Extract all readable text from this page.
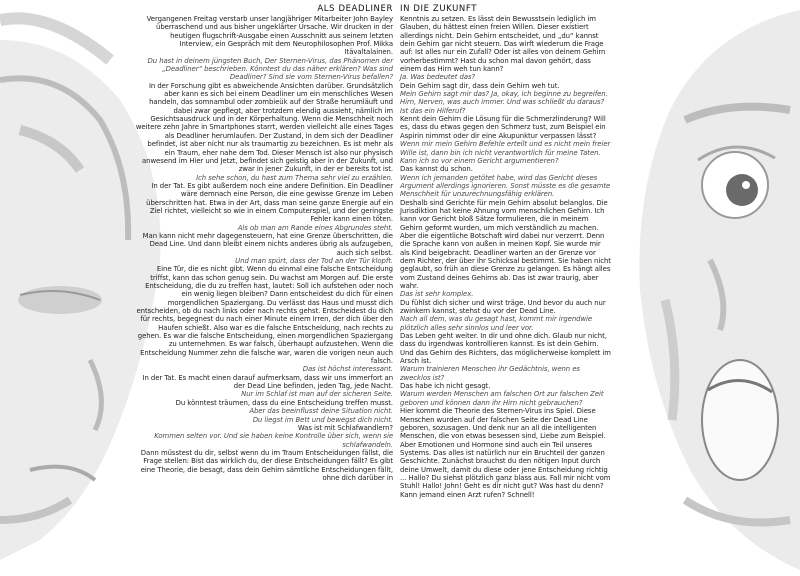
ALS DEADLINER

Vergangenen Freitag verstarb unser langjähriger Mitarbeiter John Bayley überraschend und aus bisher ungeklärter Ursache. Wir drucken in der heutigen flugschrift-Ausgabe einen Ausschnitt aus seinem letzten Interview, ein Gespräch mit dem Neurophilosophen Prof. Mikka Itävaltalainen.

Du hast in deinem jüngsten Buch, Der Sternen-Virus, das Phänomen der „Deadliner“ beschrieben. Könntest du das näher erklären? Was sind Deadliner? Sind sie vom Sternen-Virus befallen?

In der Forschung gibt es abweichende Ansichten darüber. Grundsätzlich aber kann es sich bei einem Deadliner um ein menschliches Wesen handeln, das somnambul oder zombieük auf der Straße herumläuft und dabei zwar gepflegt, aber trotzdem elendig aussieht, nämlich im Gesichtsausdruck und in der Körperhaltung. Wenn die Menschheit noch weitere zehn Jahre in Smartphones starrt, werden vielleicht alle eines Tages als Deadliner herumlaufen. Der Zustand, in dem sich der Deadliner befindet, ist aber nicht nur als traumartig zu bezeichnen. Es ist mehr als ein Traum, eher nahe dem Tod. Dieser Mensch ist also nur physisch anwesend im Hier und Jetzt, befindet sich geistig aber in der Zukunft, und zwar in jener Zukunft, in der er bereits tot ist.

Ich sehe schon, du hast zum Thema sehr viel zu erzählen.

In der Tat. Es gibt außerdem noch eine andere Definition. Ein Deadliner wäre demnach eine Person, die eine gewisse Grenze im Leben überschritten hat. Etwa in der Art, dass man seine ganze Energie auf ein Ziel richtet, vielleicht so wie in einem Computerspiel, und der geringste Fehler kann einen töten.

Als ob man am Rande eines Abgrundes steht.

Man kann nicht mehr dagegensteuern, hat eine Grenze überschritten, die Dead Line. Und dann bleibt einem nichts anderes übrig als aufzugeben, auch sich selbst.

Und man spürt, dass der Tod an der Tür klopft.

Eine Tür, die es nicht gibt. Wenn du einmal eine falsche Entscheidung triffst, kann das schon genug sein. Du wachst am Morgen auf. Die erste Entscheidung, die du zu treffen hast, lautet: Soll ich aufstehen oder noch ein wenig liegen bleiben? Dann entscheidest du dich für einen morgendlichen Spaziergang. Du verlässt das Haus und musst dich entscheiden, ob du nach links oder nach rechts gehst. Entscheidest du dich für rechts, begegnest du nach einer Minute einem Irren, der dich über den Haufen schießt. Also war es die falsche Entscheidung, nach rechts zu gehen. Es war die falsche Entscheidung, einen morgendlichen Spaziergang zu unternehmen. Es war falsch, überhaupt aufzustehen. Wenn die Entscheidung Nummer zehn die falsche war, waren die vorigen neun auch falsch.

Das ist höchst interessant.

In der Tat. Es macht einen darauf aufmerksam, dass wir uns immerfort an der Dead Line befinden, jeden Tag, jede Nacht.

Nur im Schlaf ist man auf der sicheren Seite.

Du könntest träumen, dass du eine Entscheidung treffen musst.

Aber das beeinflusst deine Situation nicht.

Du liegst im Bett und bewegst dich nicht.

Was ist mit Schlafwandlern?

Kommen selten vor. Und sie haben keine Kontrolle über sich, wenn sie schlafwandeln.

Dann müsstest du dir, selbst wenn du im Traum Entscheidungen fällst, die Frage stellen: Bist das wirklich du, der diese Entscheidungen fällt? Es gibt eine Theorie, die besagt, dass dein Gehirn sämtliche Entscheidungen fällt, ohne dich darüber in

IN DIE ZUKUNFT

Kenntnis zu setzen. Es lässt dein Bewusstsein lediglich im Glauben, du hättest einen freien Willen. Dieser existiert allerdings nicht. Dein Gehirn entscheidet, und „du“ kannst dein Gehirn gar nicht steuern. Das wirft wiederum die Frage auf: Ist alles nur ein Zufall? Oder ist alles von deinem Gehirn vorherbestimmt? Hast du schon mal davon gehört, dass einem das Hirn weh tun kann?

Ja. Was bedeutet das?

Dein Gehirn sagt dir, dass dein Gehirn weh tut.

Mein Gehirn sagt mir das? Ja, okay, ich beginne zu begreifen. Hirn, Nerven, was auch immer. Und was schließt du daraus? Ist das ein Hilferuf?

Kennt dein Gehirn die Lösung für die Schmerzlinderung? Will es, dass du etwas gegen den Schmerz tust, zum Beispiel ein Aspirin nimmst oder dir eine Akupunktur verpassen lässt?

Wenn mir mein Gehirn Befehle erteilt und es nicht mein freier Wille ist, dann bin ich nicht verantwortlich für meine Taten. Kann ich so vor einem Gericht argumentieren?

Das kannst du schon.

Wenn ich jemanden getötet habe, wird das Gericht dieses Argument allerdings ignorieren. Sonst müsste es die gesamte Menschheit für unzurechnungsfähig erklären.

Deshalb sind Gerichte für mein Gehirn absolut belanglos. Die Jurisdiktion hat keine Ahnung vom menschlichen Gehirn. Ich kann vor Gericht bloß Sätze formulieren, die in meinem Gehirn geformt wurden, um mich verständlich zu machen. Aber die eigentliche Botschaft wird dabei nur verzerrt. Denn die Sprache kann von außen in meinen Kopf. Sie wurde mir als Kind beigebracht. Deadliner warten an der Grenze vor dem Richter, der über ihr Schicksal bestimmt. Sie haben nicht geglaubt, so früh an diese Grenze zu gelangen. Es hängt alles vom Zustand deines Gehirns ab. Das ist zwar traurig, aber wahr.

Das ist sehr komplex.

Du fühlst dich sicher und wirst träge. Und bevor du auch nur zwinkern kannst, stehst du vor der Dead Line.

Nach all dem, was du gesagt hast, kommt mir irgendwie plötzlich alles sehr sinnlos und leer vor.

Das Leben geht weiter. In dir und ohne dich. Glaub nur nicht, dass du irgendwas kontrollieren kannst. Es ist dein Gehirn. Und das Gehirn des Richters, das möglicherweise komplett im Arsch ist.

Warum trainieren Menschen ihr Gedächtnis, wenn es zwecklos ist?

Das habe ich nicht gesagt.

Warum werden Menschen am falschen Ort zur falschen Zeit geboren und können dann ihr Hirn nicht gebrauchen?

Hier kommt die Theorie des Sternen-Virus ins Spiel. Diese Menschen wurden auf der falschen Seite der Dead Line geboren, sozusagen. Und denk nur an all die intelligenten Menschen, die von etwas besessen sind, Liebe zum Beispiel. Aber Emotionen und Hormone sind auch ein Teil unseres Systems. Das alles ist natürlich nur ein Bruchteil der ganzen Geschichte. Zunächst brauchst du den nötigen Input durch deine Umwelt, damit du diese oder jene Entscheidung richtig ... Hallo? Du siehst plötzlich ganz blass aus. Fall mir nicht vom Stuhl! Hallo! John! Geht es dir nicht gut? Was hast du denn? Kann jemand einen Arzt rufen? Schnell!
